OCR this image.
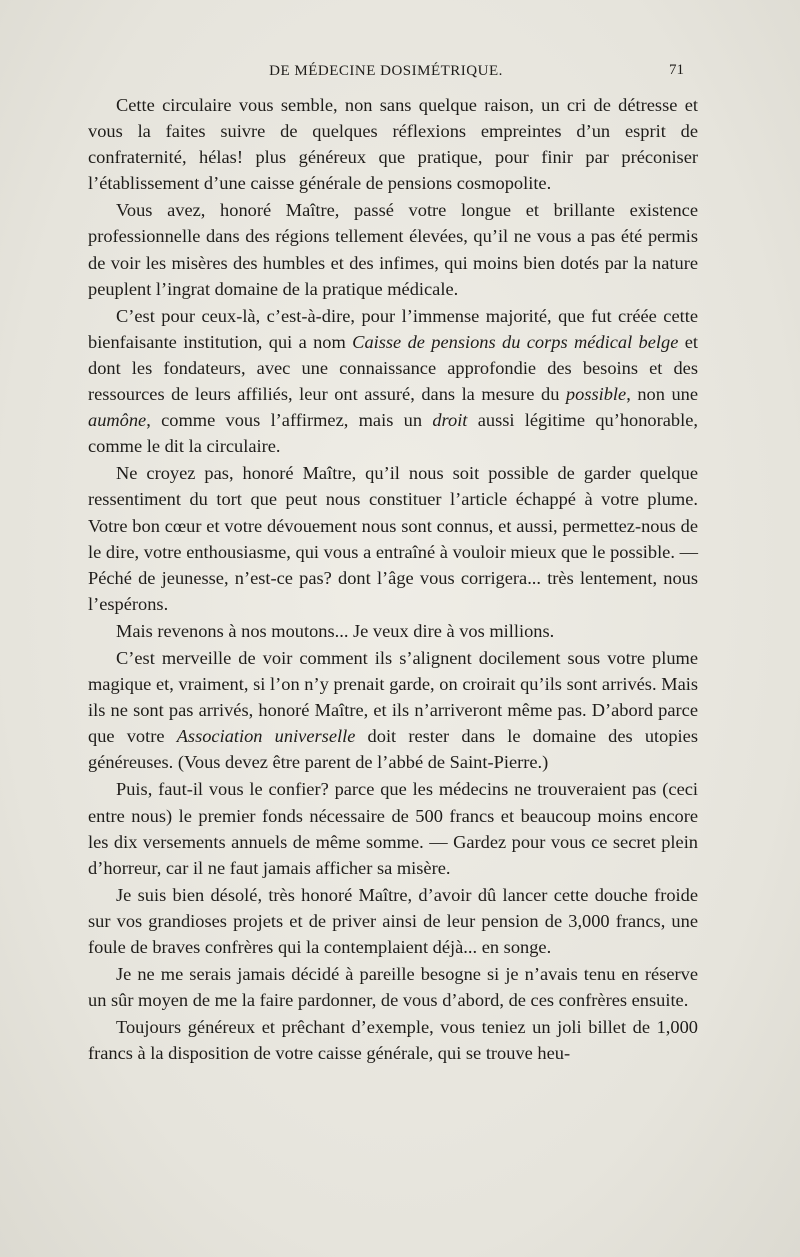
DE MÉDECINE DOSIMÉTRIQUE.	71

Cette circulaire vous semble, non sans quelque raison, un cri de détresse et vous la faites suivre de quelques réflexions empreintes d’un esprit de confraternité, hélas! plus généreux que pratique, pour finir par préconiser l’établissement d’une caisse générale de pensions cosmopolite.

Vous avez, honoré Maître, passé votre longue et brillante existence professionnelle dans des régions tellement élevées, qu’il ne vous a pas été permis de voir les misères des humbles et des infimes, qui moins bien dotés par la nature peuplent l’ingrat domaine de la pratique médicale.

C’est pour ceux-là, c’est-à-dire, pour l’immense majorité, que fut créée cette bienfaisante institution, qui a nom Caisse de pensions du corps médical belge et dont les fondateurs, avec une connaissance approfondie des besoins et des ressources de leurs affiliés, leur ont assuré, dans la mesure du possible, non une aumône, comme vous l’affirmez, mais un droit aussi légitime qu’honorable, comme le dit la circulaire.

Ne croyez pas, honoré Maître, qu’il nous soit possible de garder quelque ressentiment du tort que peut nous constituer l’article échappé à votre plume. Votre bon cœur et votre dévouement nous sont connus, et aussi, permettez-nous de le dire, votre enthousiasme, qui vous a entraîné à vouloir mieux que le possible. — Péché de jeunesse, n’est-ce pas? dont l’âge vous corrigera... très lentement, nous l’espérons.

Mais revenons à nos moutons... Je veux dire à vos millions.

C’est merveille de voir comment ils s’alignent docilement sous votre plume magique et, vraiment, si l’on n’y prenait garde, on croirait qu’ils sont arrivés. Mais ils ne sont pas arrivés, honoré Maître, et ils n’arriveront même pas. D’abord parce que votre Association universelle doit rester dans le domaine des utopies généreuses. (Vous devez être parent de l’abbé de Saint-Pierre.)

Puis, faut-il vous le confier? parce que les médecins ne trouveraient pas (ceci entre nous) le premier fonds nécessaire de 500 francs et beaucoup moins encore les dix versements annuels de même somme. — Gardez pour vous ce secret plein d’horreur, car il ne faut jamais afficher sa misère.

Je suis bien désolé, très honoré Maître, d’avoir dû lancer cette douche froide sur vos grandioses projets et de priver ainsi de leur pension de 3,000 francs, une foule de braves confrères qui la contemplaient déjà... en songe.

Je ne me serais jamais décidé à pareille besogne si je n’avais tenu en réserve un sûr moyen de me la faire pardonner, de vous d’abord, de ces confrères ensuite.

Toujours généreux et prêchant d’exemple, vous teniez un joli billet de 1,000 francs à la disposition de votre caisse générale, qui se trouve heu-
